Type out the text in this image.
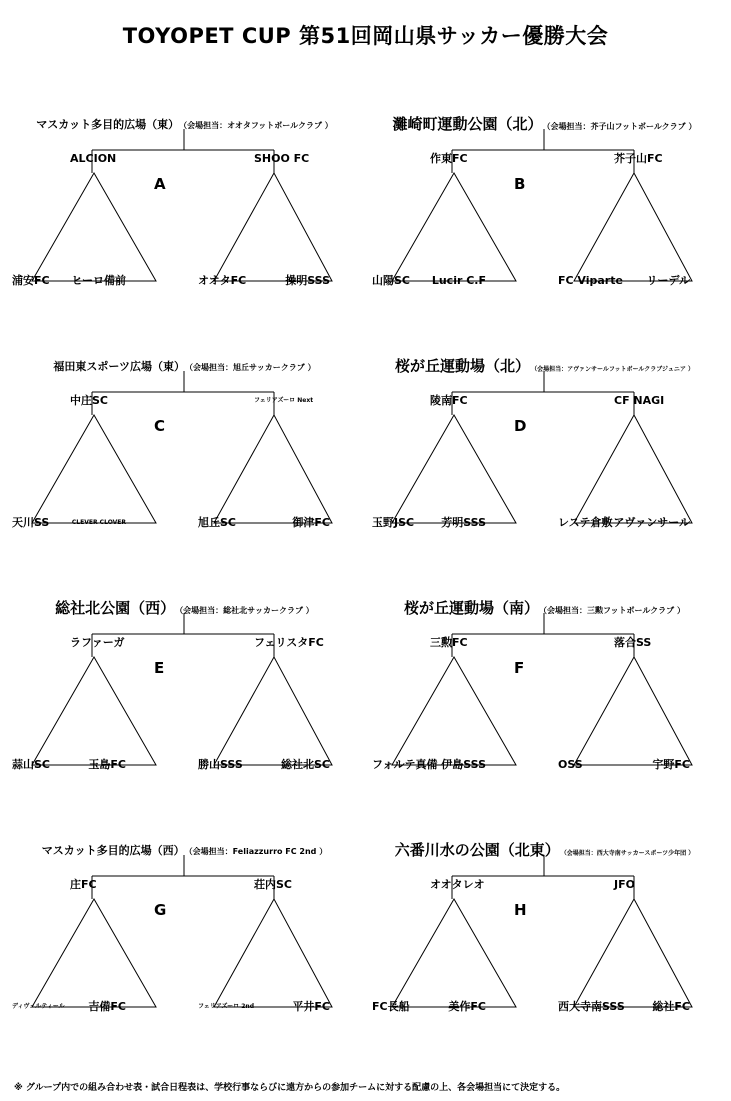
TOYOPET CUP 第51回岡山県サッカー優勝大会
マスカット多目的広場（東） （会場担当：オオタフットボールクラブ ）
A
ALCION	SHOO FC
浦安FC ヒーロ備前	オオタFC	操明SSS
灘崎町運動公園（北） （会場担当：芥子山フットボールクラブ ）
B
作東FC	芥子山FC
山陽SC Lucir C.F	FC Viparte リーデル
福田東スポーツ広場（東） （会場担当：旭丘サッカークラブ ）
C
中庄SC	フェリアズーロ Next
天川SS	CLEVER CLOVER	旭丘SC	御津FC
桜が丘運動場（北） （会場担当：アヴァンサールフットボールクラブジュニア ）
D
陵南FC	CF NAGI
玉野JSC 芳明SSS	レステ倉敷 アヴァンサール
総社北公園（西） （会場担当：総社北サッカークラブ ）
E
ラファーガ	フェリスタFC
蒜山SC	玉島FC	勝山SSS	総社北SC
桜が丘運動場（南） （会場担当：三勲フットボールクラブ ）
F
三勲FC	落合SS
フォルテ真備 伊島SSS	OSS	宇野FC
マスカット多目的広場（西） （会場担当：Feliazzurro FC 2nd ）
G
庄FC	荘内SC
ディヴェルティール 吉備FC	フェリアズーロ 2nd	平井FC
六番川水の公園（北東） （会場担当：西大寺南サッカースポーツ少年団 ）
H
オオタレオ	JFO
FC長船	美作FC	西大寺南SSS	総社FC
※ グループ内での組み合わせ表・試合日程表は、学校行事ならびに遠方からの参加チームに対する配慮の上、各会場担当にて決定する。
